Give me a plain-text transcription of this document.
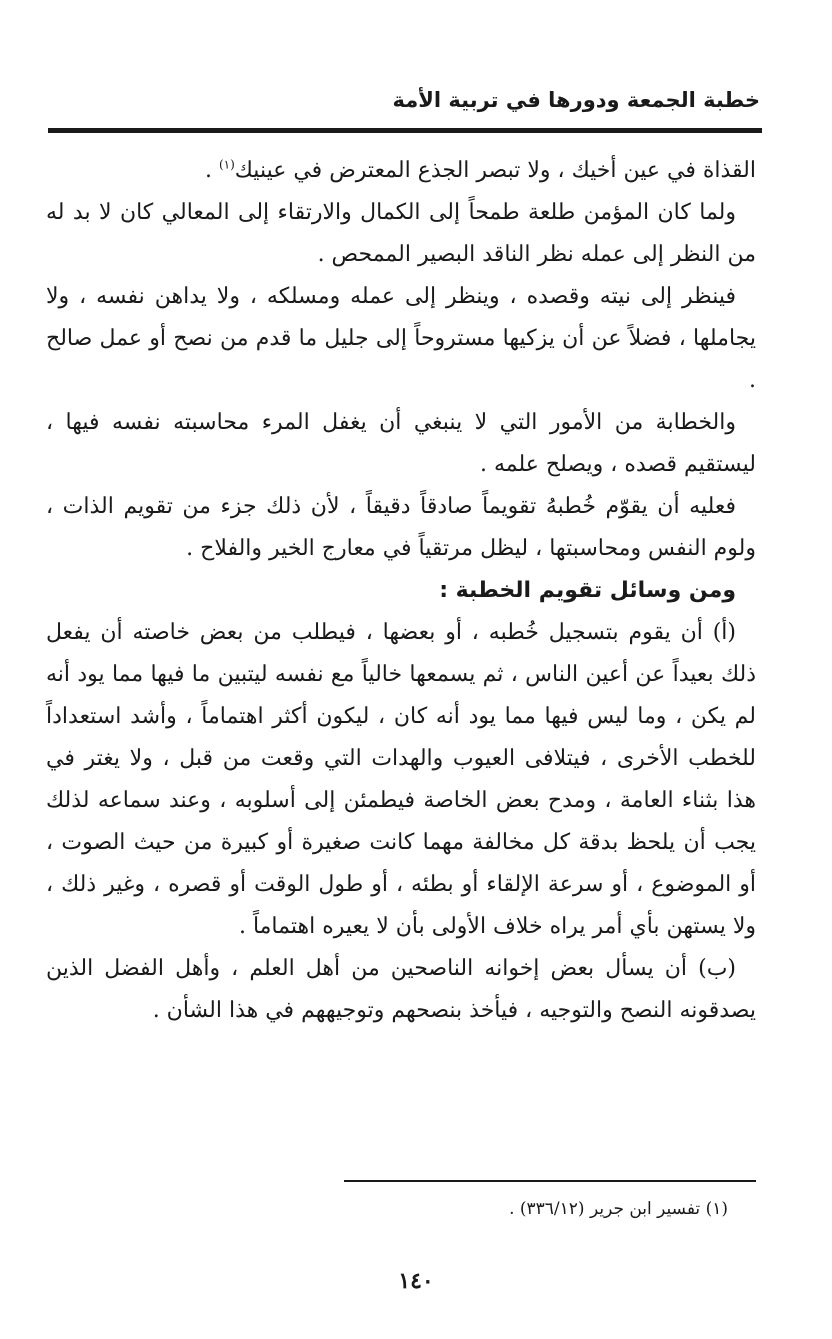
خطبة الجمعة ودورها في تربية الأمة

القذاة في عين أخيك ، ولا تبصر الجذع المعترض في عينيك$^{(١)}$ .

ولما كان المؤمن طلعة طمحاً إلى الكمال والارتقاء إلى المعالي كان لا بد له من النظر إلى عمله نظر الناقد البصير الممحص .

فينظر إلى نيته وقصده ، وينظر إلى عمله ومسلكه ، ولا يداهن نفسه ، ولا يجاملها ، فضلاً عن أن يزكيها مستروحاً إلى جليل ما قدم من نصح أو عمل صالح .

والخطابة من الأمور التي لا ينبغي أن يغفل المرء محاسبته نفسه فيها ، ليستقيم قصده ، ويصلح علمه .

فعليه أن يقوّم خُطبهُ تقويماً صادقاً دقيقاً ، لأن ذلك جزء من تقويم الذات ، ولوم النفس ومحاسبتها ، ليظل مرتقياً في معارج الخير والفلاح .

ومن وسائل تقويم الخطبة :

(أ) أن يقوم بتسجيل خُطبه ، أو بعضها ، فيطلب من بعض خاصته أن يفعل ذلك بعيداً عن أعين الناس ، ثم يسمعها خالياً مع نفسه ليتبين ما فيها مما يود أنه لم يكن ، وما ليس فيها مما يود أنه كان ، ليكون أكثر اهتماماً ، وأشد استعداداً للخطب الأخرى ، فيتلافى العيوب والهدات التي وقعت من قبل ، ولا يغتر في هذا بثناء العامة ، ومدح بعض الخاصة فيطمئن إلى أسلوبه ، وعند سماعه لذلك يجب أن يلحظ بدقة كل مخالفة مهما كانت صغيرة أو كبيرة من حيث الصوت ، أو الموضوع ، أو سرعة الإلقاء أو بطئه ، أو طول الوقت أو قصره ، وغير ذلك ، ولا يستهن بأي أمر يراه خلاف الأولى بأن لا يعيره اهتماماً .

(ب) أن يسأل بعض إخوانه الناصحين من أهل العلم ، وأهل الفضل الذين يصدقونه النصح والتوجيه ، فيأخذ بنصحهم وتوجيههم في هذا الشأن .

(١) تفسير ابن جرير (٣٣٦/١٢) .
١٤٠
